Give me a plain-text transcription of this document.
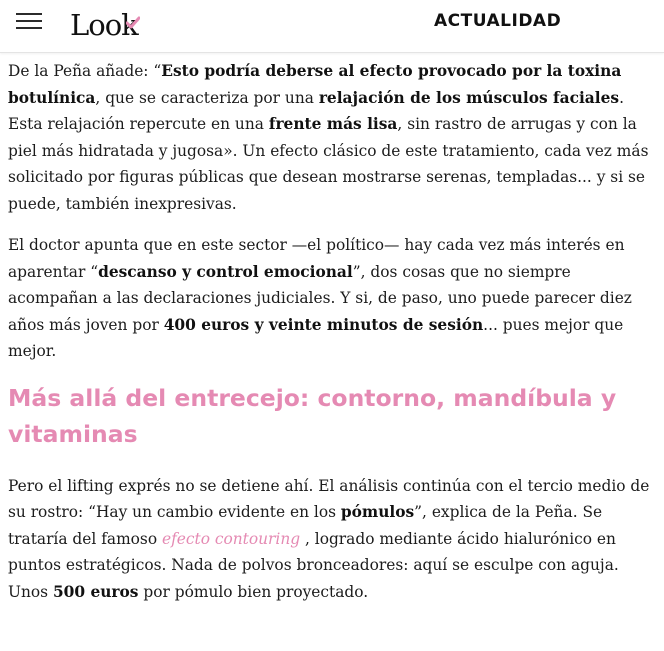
Look	ACTUALIDAD

De la Peña añade: “Esto podría deberse al efecto provocado por la toxina botulínica, que se caracteriza por una relajación de los músculos faciales. Esta relajación repercute en una frente más lisa, sin rastro de arrugas y con la piel más hidratada y jugosa». Un efecto clásico de este tratamiento, cada vez más solicitado por figuras públicas que desean mostrarse serenas, templadas... y si se puede, también inexpresivas.

El doctor apunta que en este sector —el político— hay cada vez más interés en aparentar “descanso y control emocional”, dos cosas que no siempre acompañan a las declaraciones judiciales. Y si, de paso, uno puede parecer diez años más joven por 400 euros y veinte minutos de sesión... pues mejor que mejor.

Más allá del entrecejo: contorno, mandíbula y vitaminas

Pero el lifting exprés no se detiene ahí. El análisis continúa con el tercio medio de su rostro: “Hay un cambio evidente en los pómulos”, explica de la Peña. Se trataría del famoso efecto contouring , logrado mediante ácido hialurónico en puntos estratégicos. Nada de polvos bronceadores: aquí se esculpe con aguja. Unos 500 euros por pómulo bien proyectado.
